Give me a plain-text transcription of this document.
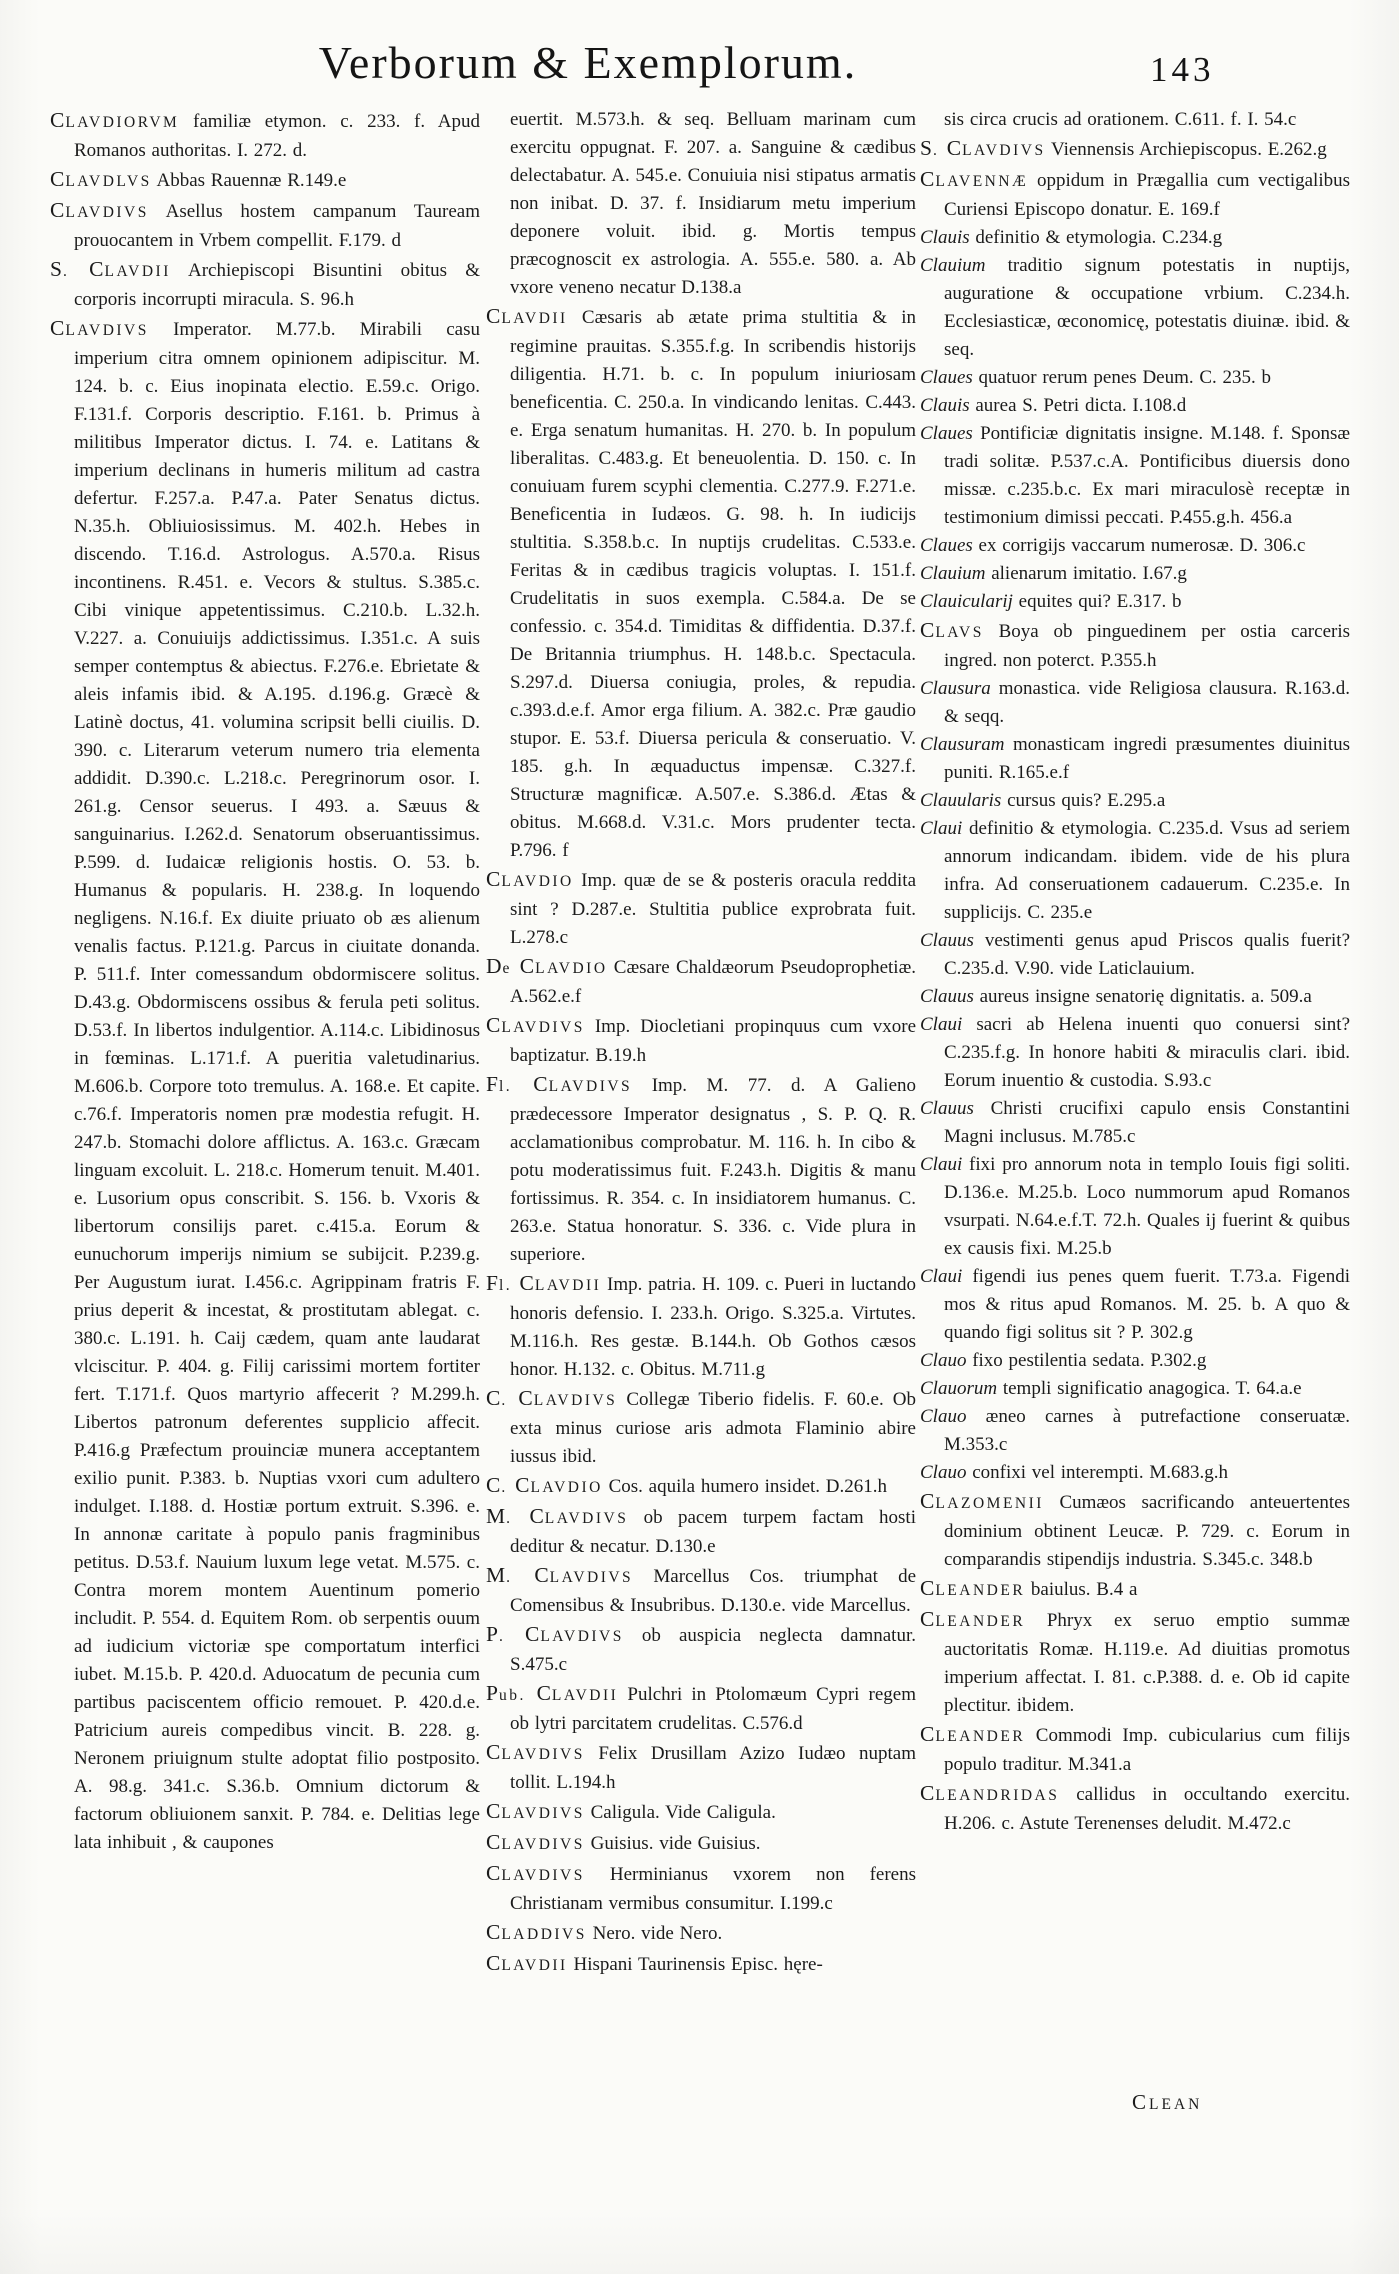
Verborum & Exemplorum.	143

CLAVDIORVM familiæ etymon. c. 233. f. Apud Romanos authoritas. I. 272. d.

CLAVDLVS Abbas Rauennæ R.149.e

CLAVDIVS Asellus hostem campanum Tauream prouocantem in Vrbem compellit. F.179. d

S. CLAVDII Archiepiscopi Bisuntini obitus & corporis incorrupti miracula. S. 96.h

CLAVDIVS Imperator. M.77.b. Mirabili casu imperium citra omnem opinionem adipiscitur. M. 124. b. c. Eius inopinata electio. E.59.c. Origo. F.131.f. Corporis descriptio. F.161. b. Primus à militibus Imperator dictus. I. 74. e. Latitans & imperium declinans in humeris militum ad castra defertur. F.257.a. P.47.a. Pater Senatus dictus. N.35.h. Obliuiosissimus. M. 402.h. Hebes in discendo. T.16.d. Astrologus. A.570.a. Risus incontinens. R.451. e. Vecors & stultus. S.385.c. Cibi vinique appetentissimus. C.210.b. L.32.h. V.227. a. Conuiuijs addictissimus. I.351.c. A suis semper contemptus & abiectus. F.276.e. Ebrietate & aleis infamis ibid. & A.195. d.196.g. Græcè & Latinè doctus, 41. volumina scripsit belli ciuilis. D. 390. c. Literarum veterum numero tria elementa addidit. D.390.c. L.218.c. Peregrinorum osor. I. 261.g. Censor seuerus. I 493. a. Sæuus & sanguinarius. I.262.d. Senatorum obseruantissimus. P.599. d. Iudaicæ religionis hostis. O. 53. b. Humanus & popularis. H. 238.g. In loquendo negligens. N.16.f. Ex diuite priuato ob æs alienum venalis factus. P.121.g. Parcus in ciuitate donanda. P. 511.f. Inter comessandum obdormiscere solitus. D.43.g. Obdormiscens ossibus & ferula peti solitus. D.53.f. In libertos indulgentior. A.114.c. Libidinosus in fœminas. L.171.f. A pueritia valetudinarius. M.606.b. Corpore toto tremulus. A. 168.e. Et capite. c.76.f. Imperatoris nomen præ modestia refugit. H. 247.b. Stomachi dolore afflictus. A. 163.c. Græcam linguam excoluit. L. 218.c. Homerum tenuit. M.401. e. Lusorium opus conscribit. S. 156. b. Vxoris & libertorum consilijs paret. c.415.a. Eorum & eunuchorum imperijs nimium se subijcit. P.239.g. Per Augustum iurat. I.456.c. Agrippinam fratris F. prius deperit & incestat, & prostitutam ablegat. c. 380.c. L.191. h. Caij cædem, quam ante laudarat vlciscitur. P. 404. g. Filij carissimi mortem fortiter fert. T.171.f. Quos martyrio affecerit ? M.299.h. Libertos patronum deferentes supplicio affecit. P.416.g Præfectum prouinciæ munera acceptantem exilio punit. P.383. b. Nuptias vxori cum adultero indulget. I.188. d. Hostiæ portum extruit. S.396. e. In annonæ caritate à populo panis fragminibus petitus. D.53.f. Nauium luxum lege vetat. M.575. c. Contra morem montem Auentinum pomerio includit. P. 554. d. Equitem Rom. ob serpentis ouum ad iudicium victoriæ spe comportatum interfici iubet. M.15.b. P. 420.d. Aduocatum de pecunia cum partibus paciscentem officio remouet. P. 420.d.e. Patricium aureis compedibus vincit. B. 228. g. Neronem priuignum stulte adoptat filio postposito. A. 98.g. 341.c. S.36.b. Omnium dictorum & factorum obliuionem sanxit. P. 784. e. Delitias lege lata inhibuit , & caupones

euertit. M.573.h. & seq. Belluam marinam cum exercitu oppugnat. F. 207. a. Sanguine & cædibus delectabatur. A. 545.e. Conuiuia nisi stipatus armatis non inibat. D. 37. f. Insidiarum metu imperium deponere voluit. ibid. g. Mortis tempus præcognoscit ex astrologia. A. 555.e. 580. a. Ab vxore veneno necatur D.138.a

CLAVDII Cæsaris ab ætate prima stultitia & in regimine prauitas. S.355.f.g. In scribendis historijs diligentia. H.71. b. c. In populum iniuriosam beneficentia. C. 250.a. In vindicando lenitas. C.443. e. Erga senatum humanitas. H. 270. b. In populum liberalitas. C.483.g. Et beneuolentia. D. 150. c. In conuiuam furem scyphi clementia. C.277.9. F.271.e. Beneficentia in Iudæos. G. 98. h. In iudicijs stultitia. S.358.b.c. In nuptijs crudelitas. C.533.e. Feritas & in cædibus tragicis voluptas. I. 151.f. Crudelitatis in suos exempla. C.584.a. De se confessio. c. 354.d. Timiditas & diffidentia. D.37.f. De Britannia triumphus. H. 148.b.c. Spectacula. S.297.d. Diuersa coniugia, proles, & repudia. c.393.d.e.f. Amor erga filium. A. 382.c. Præ gaudio stupor. E. 53.f. Diuersa pericula & conseruatio. V. 185. g.h. In æquaductus impensæ. C.327.f. Structuræ magnificæ. A.507.e. S.386.d. Ætas & obitus. M.668.d. V.31.c. Mors prudenter tecta. P.796. f

CLAVDIO Imp. quæ de se & posteris oracula reddita sint ? D.287.e. Stultitia publice exprobrata fuit. L.278.c

De CLAVDIO Cæsare Chaldæorum Pseudoprophetiæ. A.562.e.f

CLAVDIVS Imp. Diocletiani propinquus cum vxore baptizatur. B.19.h

Fl. CLAVDIVS Imp. M. 77. d. A Galieno prædecessore Imperator designatus , S. P. Q. R. acclamationibus comprobatur. M. 116. h. In cibo & potu moderatissimus fuit. F.243.h. Digitis & manu fortissimus. R. 354. c. In insidiatorem humanus. C. 263.e. Statua honoratur. S. 336. c. Vide plura in superiore.

Fl. CLAVDII Imp. patria. H. 109. c. Pueri in luctando honoris defensio. I. 233.h. Origo. S.325.a. Virtutes. M.116.h. Res gestæ. B.144.h. Ob Gothos cæsos honor. H.132. c. Obitus. M.711.g

C. CLAVDIVS Collegæ Tiberio fidelis. F. 60.e. Ob exta minus curiose aris admota Flaminio abire iussus ibid.

C. CLAVDIO Cos. aquila humero insidet. D.261.h

M. CLAVDIVS ob pacem turpem factam hosti deditur & necatur. D.130.e

M. CLAVDIVS Marcellus Cos. triumphat de Comensibus & Insubribus. D.130.e. vide Marcellus.

P. CLAVDIVS ob auspicia neglecta damnatur. S.475.c

Pub. CLAVDII Pulchri in Ptolomæum Cypri regem ob lytri parcitatem crudelitas. C.576.d

CLAVDIVS Felix Drusillam Azizo Iudæo nuptam tollit. L.194.h

CLAVDIVS Caligula. Vide Caligula.

CLAVDIVS Guisius. vide Guisius.

CLAVDIVS Herminianus vxorem non ferens Christianam vermibus consumitur. I.199.c

CLADDIVS Nero. vide Nero.

CLAVDII Hispani Taurinensis Episc. hęre-

sis circa crucis ad orationem. C.611. f. I. 54.c

S. CLAVDIVS Viennensis Archiepiscopus. E.262.g

CLAVENNÆ oppidum in Prægallia cum vectigalibus Curiensi Episcopo donatur. E. 169.f

Clauis definitio & etymologia. C.234.g

Clauium traditio signum potestatis in nuptijs, auguratione & occupatione vrbium. C.234.h. Ecclesiasticæ, œconomicę, potestatis diuinæ. ibid. & seq.

Claues quatuor rerum penes Deum. C. 235. b

Clauis aurea S. Petri dicta. I.108.d

Claues Pontificiæ dignitatis insigne. M.148. f. Sponsæ tradi solitæ. P.537.c.A. Pontificibus diuersis dono missæ. c.235.b.c. Ex mari miraculosè receptæ in testimonium dimissi peccati. P.455.g.h. 456.a

Claues ex corrigijs vaccarum numerosæ. D. 306.c

Clauium alienarum imitatio. I.67.g

Clauicularij equites qui? E.317. b

CLAVS Boya ob pinguedinem per ostia carceris ingred. non poterct. P.355.h

Clausura monastica. vide Religiosa clausura. R.163.d. & seqq.

Clausuram monasticam ingredi præsumentes diuinitus puniti. R.165.e.f

Clauularis cursus quis? E.295.a

Claui definitio & etymologia. C.235.d. Vsus ad seriem annorum indicandam. ibidem. vide de his plura infra. Ad conseruationem cadauerum. C.235.e. In supplicijs. C. 235.e

Clauus vestimenti genus apud Priscos qualis fuerit? C.235.d. V.90. vide Laticlauium.

Clauus aureus insigne senatorię dignitatis. a. 509.a

Claui sacri ab Helena inuenti quo conuersi sint? C.235.f.g. In honore habiti & miraculis clari. ibid. Eorum inuentio & custodia. S.93.c

Clauus Christi crucifixi capulo ensis Constantini Magni inclusus. M.785.c

Claui fixi pro annorum nota in templo Iouis figi soliti. D.136.e. M.25.b. Loco nummorum apud Romanos vsurpati. N.64.e.f.T. 72.h. Quales ij fuerint & quibus ex causis fixi. M.25.b

Claui figendi ius penes quem fuerit. T.73.a. Figendi mos & ritus apud Romanos. M. 25. b. A quo & quando figi solitus sit ? P. 302.g

Clauo fixo pestilentia sedata. P.302.g

Clauorum templi significatio anagogica. T. 64.a.e

Clauo æneo carnes à putrefactione conseruatæ. M.353.c

Clauo confixi vel interempti. M.683.g.h

CLAZOMENII Cumæos sacrificando anteuertentes dominium obtinent Leucæ. P. 729. c. Eorum in comparandis stipendijs industria. S.345.c. 348.b

CLEANDER baiulus. B.4 a

CLEANDER Phryx ex seruo emptio summæ auctoritatis Romæ. H.119.e. Ad diuitias promotus imperium affectat. I. 81. c.P.388. d. e. Ob id capite plectitur. ibidem.

CLEANDER Commodi Imp. cubicularius cum filijs populo traditur. M.341.a

CLEANDRIDAS callidus in occultando exercitu. H.206. c. Astute Terenenses deludit. M.472.c

CLEAN
